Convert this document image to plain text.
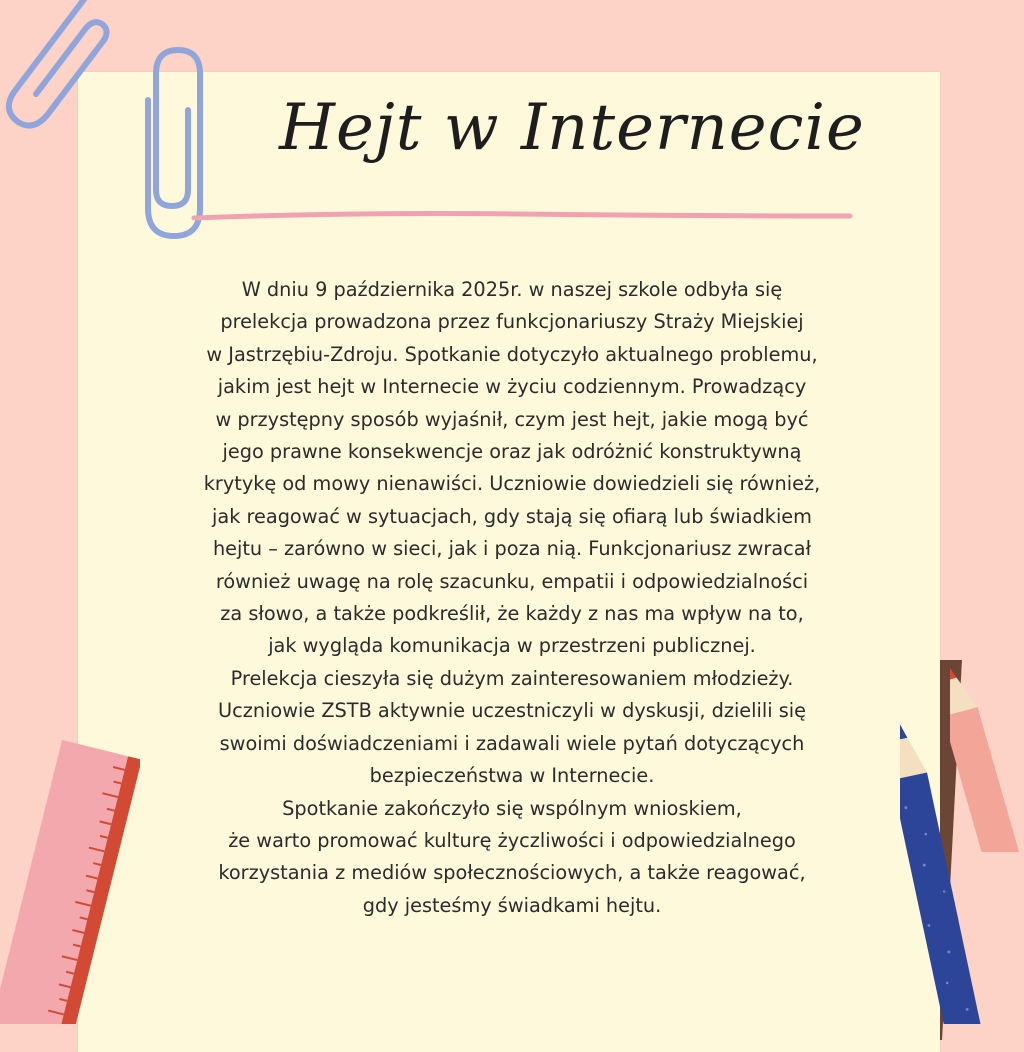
Hejt w Internecie
W dniu 9 października 2025r. w naszej szkole odbyła się
prelekcja prowadzona przez funkcjonariuszy Straży Miejskiej
w Jastrzębiu-Zdroju. Spotkanie dotyczyło aktualnego problemu,
jakim jest hejt w Internecie w życiu codziennym. Prowadzący
w przystępny sposób wyjaśnił, czym jest hejt, jakie mogą być
jego prawne konsekwencje oraz jak odróżnić konstruktywną
krytykę od mowy nienawiści. Uczniowie dowiedzieli się również,
jak reagować w sytuacjach, gdy stają się ofiarą lub świadkiem
hejtu – zarówno w sieci, jak i poza nią. Funkcjonariusz zwracał
również uwagę na rolę szacunku, empatii i odpowiedzialności
za słowo, a także podkreślił, że każdy z nas ma wpływ na to,
jak wygląda komunikacja w przestrzeni publicznej.
Prelekcja cieszyła się dużym zainteresowaniem młodzieży.
Uczniowie ZSTB aktywnie uczestniczyli w dyskusji, dzielili się
swoimi doświadczeniami i zadawali wiele pytań dotyczących
bezpieczeństwa w Internecie.
Spotkanie zakończyło się wspólnym wnioskiem,
że warto promować kulturę życzliwości i odpowiedzialnego
korzystania z mediów społecznościowych, a także reagować,
gdy jesteśmy świadkami hejtu.
